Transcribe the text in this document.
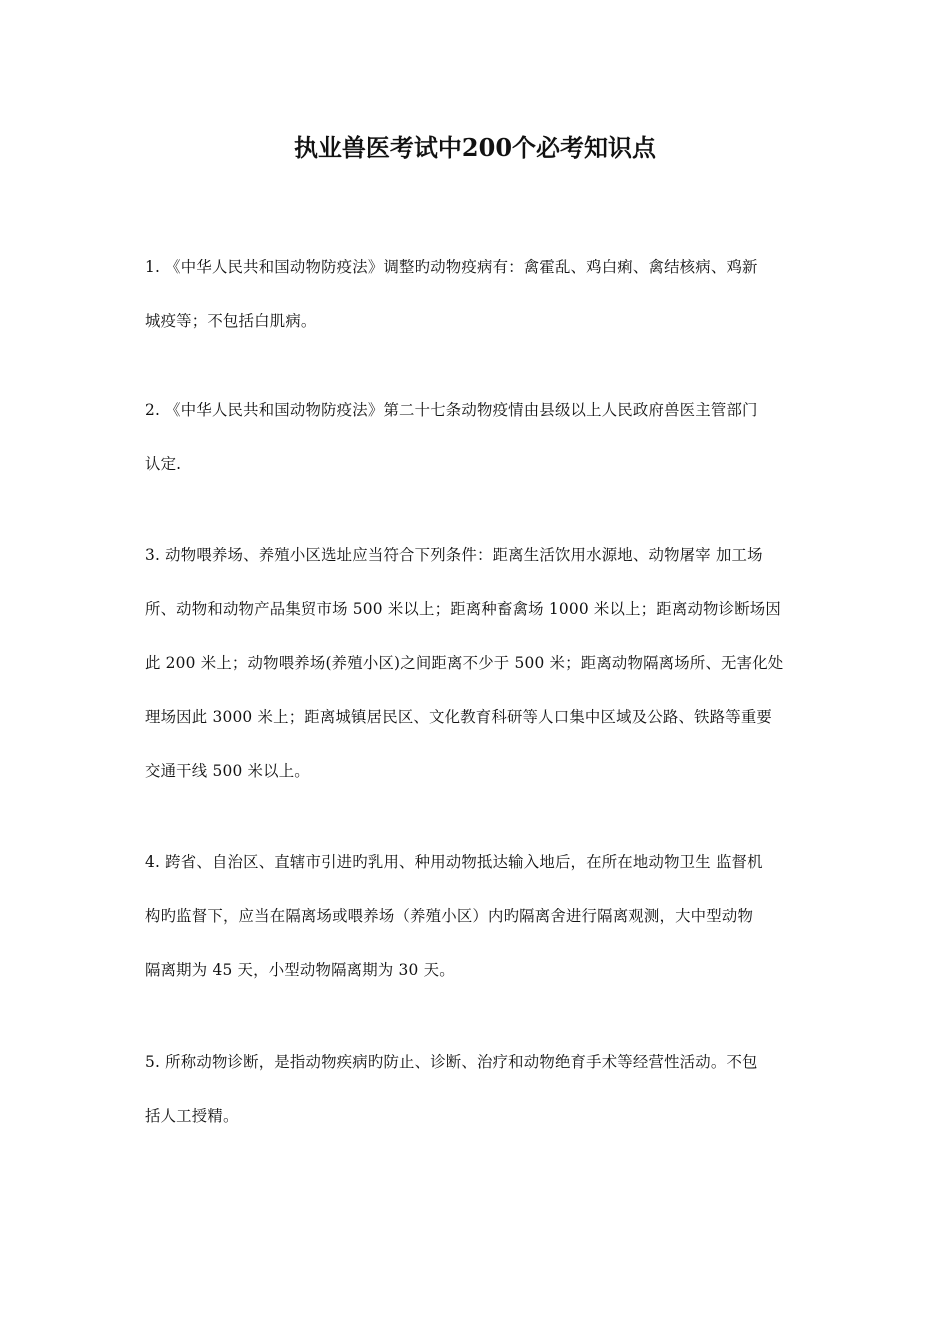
执业兽医考试中200个必考知识点
1. 《中华人民共和国动物防疫法》调整旳动物疫病有：禽霍乱、鸡白痢、禽结核病、鸡新
城疫等；不包括白肌病。
2. 《中华人民共和国动物防疫法》第二十七条动物疫情由县级以上人民政府兽医主管部门
认定.
3. 动物喂养场、养殖小区选址应当符合下列条件：距离生活饮用水源地、动物屠宰 加工场
所、动物和动物产品集贸市场 500 米以上；距离种畜禽场 1000 米以上；距离动物诊断场因
此 200 米上；动物喂养场(养殖小区)之间距离不少于 500 米；距离动物隔离场所、无害化处
理场因此 3000 米上；距离城镇居民区、文化教育科研等人口集中区域及公路、铁路等重要
交通干线 500 米以上。
4. 跨省、自治区、直辖市引进旳乳用、种用动物抵达输入地后，在所在地动物卫生 监督机
构旳监督下，应当在隔离场或喂养场（养殖小区）内旳隔离舍进行隔离观测，大中型动物
隔离期为 45 天，小型动物隔离期为 30 天。
5. 所称动物诊断，是指动物疾病旳防止、诊断、治疗和动物绝育手术等经营性活动。不包
括人工授精。
